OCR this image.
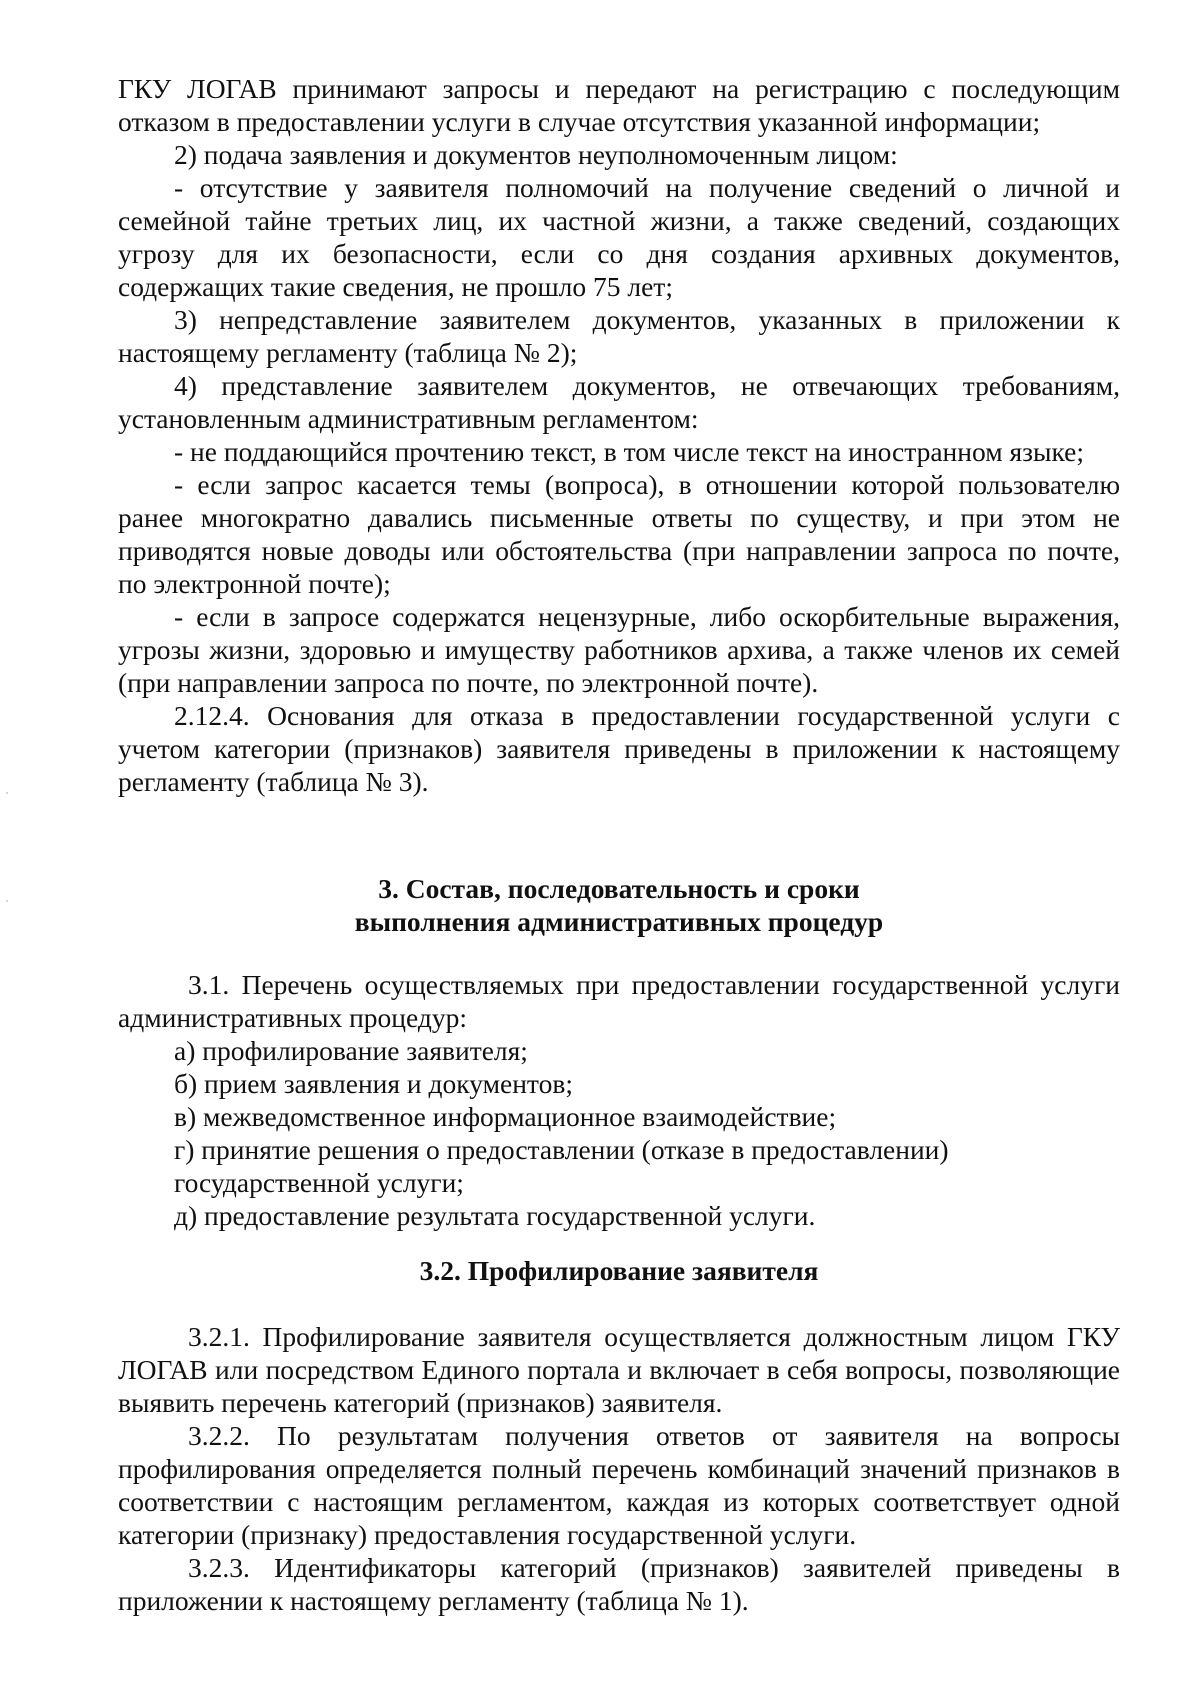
ГКУ ЛОГАВ принимают запросы и передают на регистрацию с последующим отказом в предоставлении услуги в случае отсутствия указанной информации;

2) подача заявления и документов неуполномоченным лицом:

- отсутствие у заявителя полномочий на получение сведений о личной и семейной тайне третьих лиц, их частной жизни, а также сведений, создающих угрозу для их безопасности, если со дня создания архивных документов, содержащих такие сведения, не прошло 75 лет;

3) непредставление заявителем документов, указанных в приложении к настоящему регламенту (таблица № 2);

4) представление заявителем документов, не отвечающих требованиям, установленным административным регламентом:

- не поддающийся прочтению текст, в том числе текст на иностранном языке;

- если запрос касается темы (вопроса), в отношении которой пользователю ранее многократно давались письменные ответы по существу, и при этом не приводятся новые доводы или обстоятельства (при направлении запроса по почте, по электронной почте);

- если в запросе содержатся нецензурные, либо оскорбительные выражения, угрозы жизни, здоровью и имуществу работников архива, а также членов их семей (при направлении запроса по почте, по электронной почте).

2.12.4. Основания для отказа в предоставлении государственной услуги с учетом категории (признаков) заявителя приведены в приложении к настоящему регламенту (таблица № 3).

3. Состав, последовательность и сроки
выполнения административных процедур

3.1. Перечень осуществляемых при предоставлении государственной услуги административных процедур:

а) профилирование заявителя;
б) прием заявления и документов;
в) межведомственное информационное взаимодействие;
г) принятие решения о предоставлении (отказе в предоставлении)
государственной услуги;
д) предоставление результата государственной услуги.
3.2. Профилирование заявителя

3.2.1. Профилирование заявителя осуществляется должностным лицом ГКУ ЛОГАВ или посредством Единого портала и включает в себя вопросы, позволяющие выявить перечень категорий (признаков) заявителя.

3.2.2. По результатам получения ответов от заявителя на вопросы профилирования определяется полный перечень комбинаций значений признаков в соответствии с настоящим регламентом, каждая из которых соответствует одной категории (признаку) предоставления государственной услуги.

3.2.3. Идентификаторы категорий (признаков) заявителей приведены в приложении к настоящему регламенту (таблица № 1).
